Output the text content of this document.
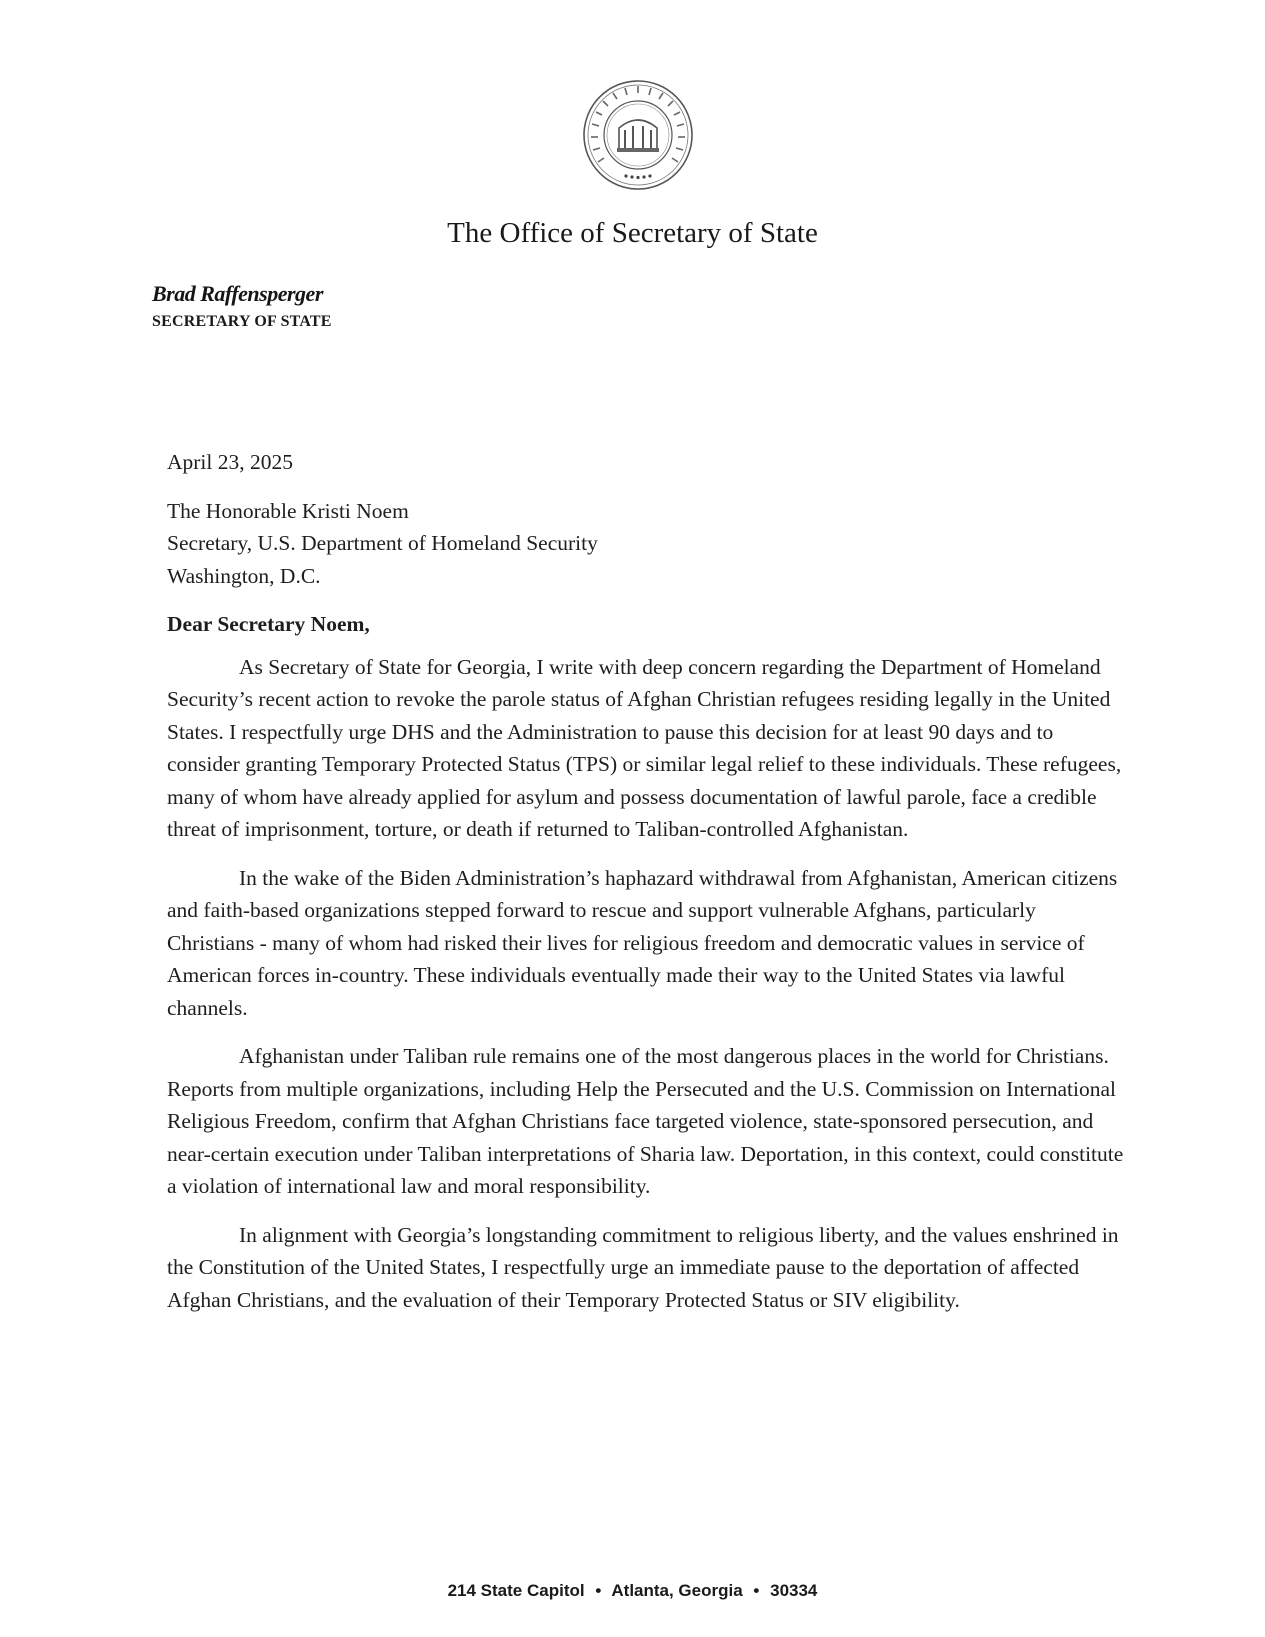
The Office of Secretary of State
Brad Raffensperger
SECRETARY OF STATE

April 23, 2025

The Honorable Kristi Noem

Secretary, U.S. Department of Homeland Security

Washington, D.C.

Dear Secretary Noem,

As Secretary of State for Georgia, I write with deep concern regarding the Department of Homeland Security’s recent action to revoke the parole status of Afghan Christian refugees residing legally in the United States. I respectfully urge DHS and the Administration to pause this decision for at least 90 days and to consider granting Temporary Protected Status (TPS) or similar legal relief to these individuals. These refugees, many of whom have already applied for asylum and possess documentation of lawful parole, face a credible threat of imprisonment, torture, or death if returned to Taliban-controlled Afghanistan.

In the wake of the Biden Administration’s haphazard withdrawal from Afghanistan, American citizens and faith-based organizations stepped forward to rescue and support vulnerable Afghans, particularly Christians - many of whom had risked their lives for religious freedom and democratic values in service of American forces in-country. These individuals eventually made their way to the United States via lawful channels.

Afghanistan under Taliban rule remains one of the most dangerous places in the world for Christians. Reports from multiple organizations, including Help the Persecuted and the U.S. Commission on International Religious Freedom, confirm that Afghan Christians face targeted violence, state-sponsored persecution, and near-certain execution under Taliban interpretations of Sharia law. Deportation, in this context, could constitute a violation of international law and moral responsibility.

In alignment with Georgia’s longstanding commitment to religious liberty, and the values enshrined in the Constitution of the United States, I respectfully urge an immediate pause to the deportation of affected Afghan Christians, and the evaluation of their Temporary Protected Status or SIV eligibility.

214 State Capitol • Atlanta, Georgia • 30334
